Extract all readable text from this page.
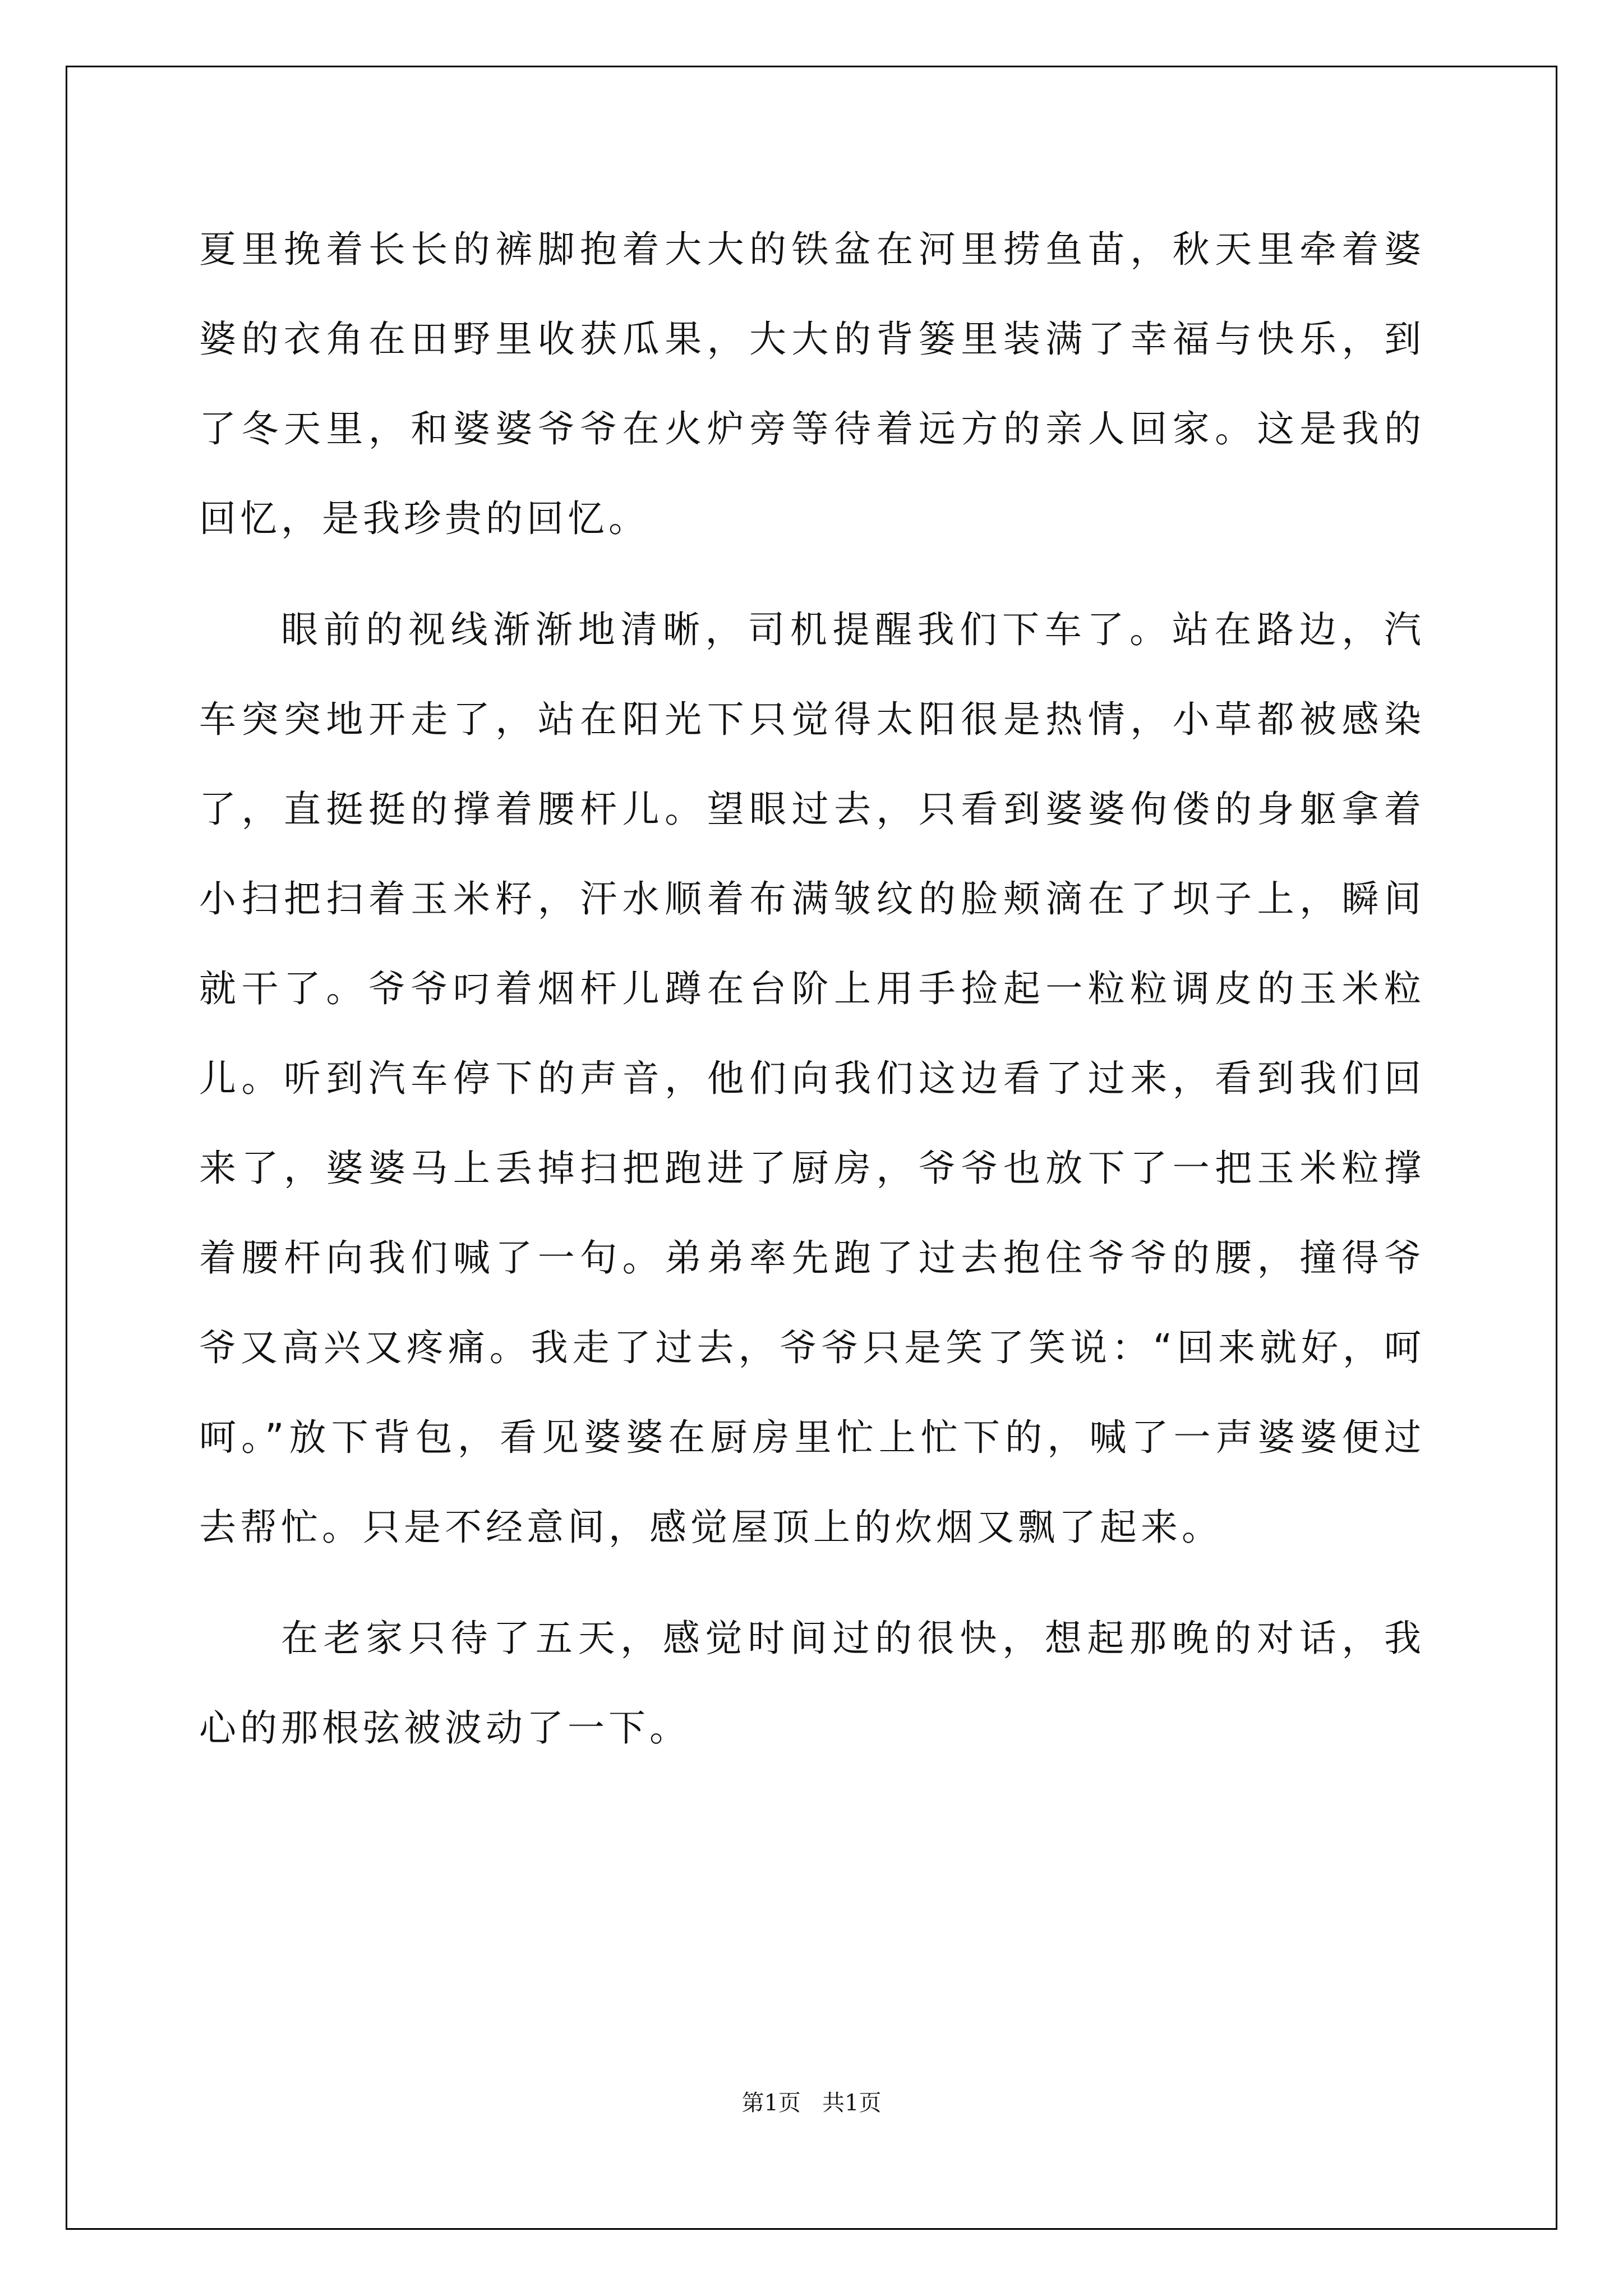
夏里挽着长长的裤脚抱着大大的铁盆在河里捞鱼苗，秋天里牵着婆婆的衣角在田野里收获瓜果，大大的背篓里装满了幸福与快乐，到了冬天里，和婆婆爷爷在火炉旁等待着远方的亲人回家。这是我的回忆，是我珍贵的回忆。

眼前的视线渐渐地清晰，司机提醒我们下车了。站在路边，汽车突突地开走了，站在阳光下只觉得太阳很是热情，小草都被感染了，直挺挺的撑着腰杆儿。望眼过去，只看到婆婆佝偻的身躯拿着小扫把扫着玉米籽，汗水顺着布满皱纹的脸颊滴在了坝子上，瞬间就干了。爷爷叼着烟杆儿蹲在台阶上用手捡起一粒粒调皮的玉米粒儿。听到汽车停下的声音，他们向我们这边看了过来，看到我们回来了，婆婆马上丢掉扫把跑进了厨房，爷爷也放下了一把玉米粒撑着腰杆向我们喊了一句。弟弟率先跑了过去抱住爷爷的腰，撞得爷爷又高兴又疼痛。我走了过去，爷爷只是笑了笑说：“回来就好，呵呵。”放下背包，看见婆婆在厨房里忙上忙下的，喊了一声婆婆便过去帮忙。只是不经意间，感觉屋顶上的炊烟又飘了起来。

在老家只待了五天，感觉时间过的很快，想起那晚的对话，我心的那根弦被波动了一下。

第1页   共1页
